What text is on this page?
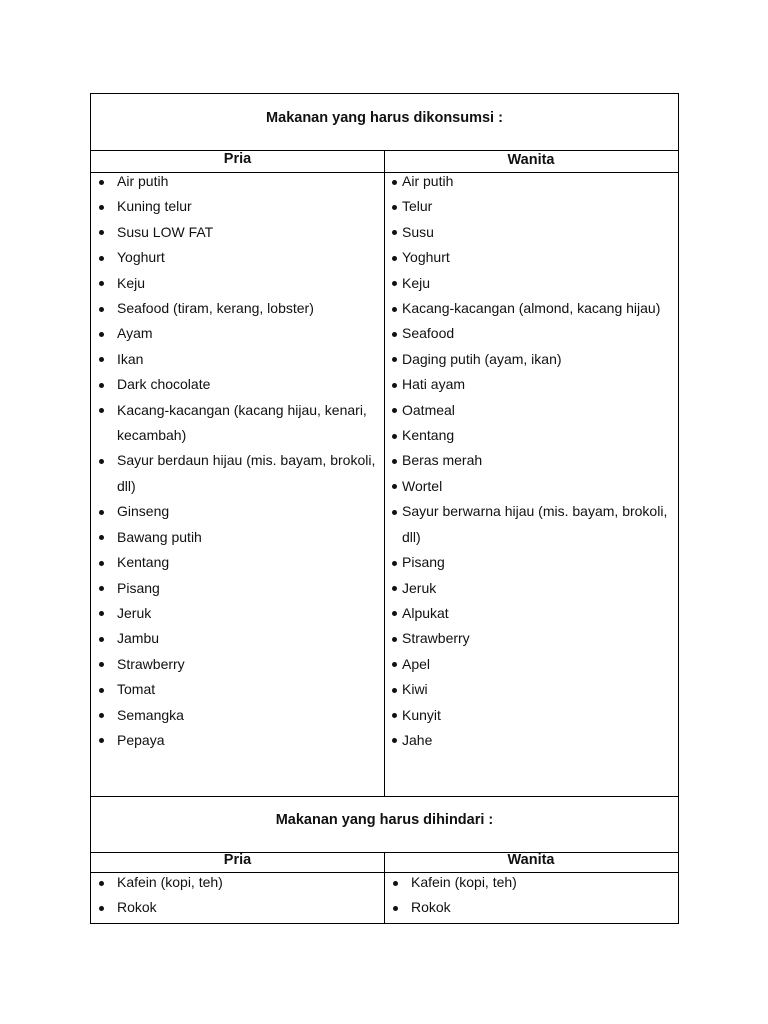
Makanan yang harus dikonsumsi :
Pria	Wanita
Air putih
Kuning telur
Susu LOW FAT
Yoghurt
Keju
Seafood (tiram, kerang, lobster)
Ayam
Ikan
Dark chocolate
Kacang-kacangan (kacang hijau, kenari, kecambah)
Sayur berdaun hijau (mis. bayam, brokoli, dll)
Ginseng
Bawang putih
Kentang
Pisang
Jeruk
Jambu
Strawberry
Tomat
Semangka
Pepaya
Air putih
Telur
Susu
Yoghurt
Keju
Kacang-kacangan (almond, kacang hijau)
Seafood
Daging putih (ayam, ikan)
Hati ayam
Oatmeal
Kentang
Beras merah
Wortel
Sayur berwarna hijau (mis. bayam, brokoli, dll)
Pisang
Jeruk
Alpukat
Strawberry
Apel
Kiwi
Kunyit
Jahe
Makanan yang harus dihindari :
Pria	Wanita
Kafein (kopi, teh)
Rokok
Kafein (kopi, teh)
Rokok
